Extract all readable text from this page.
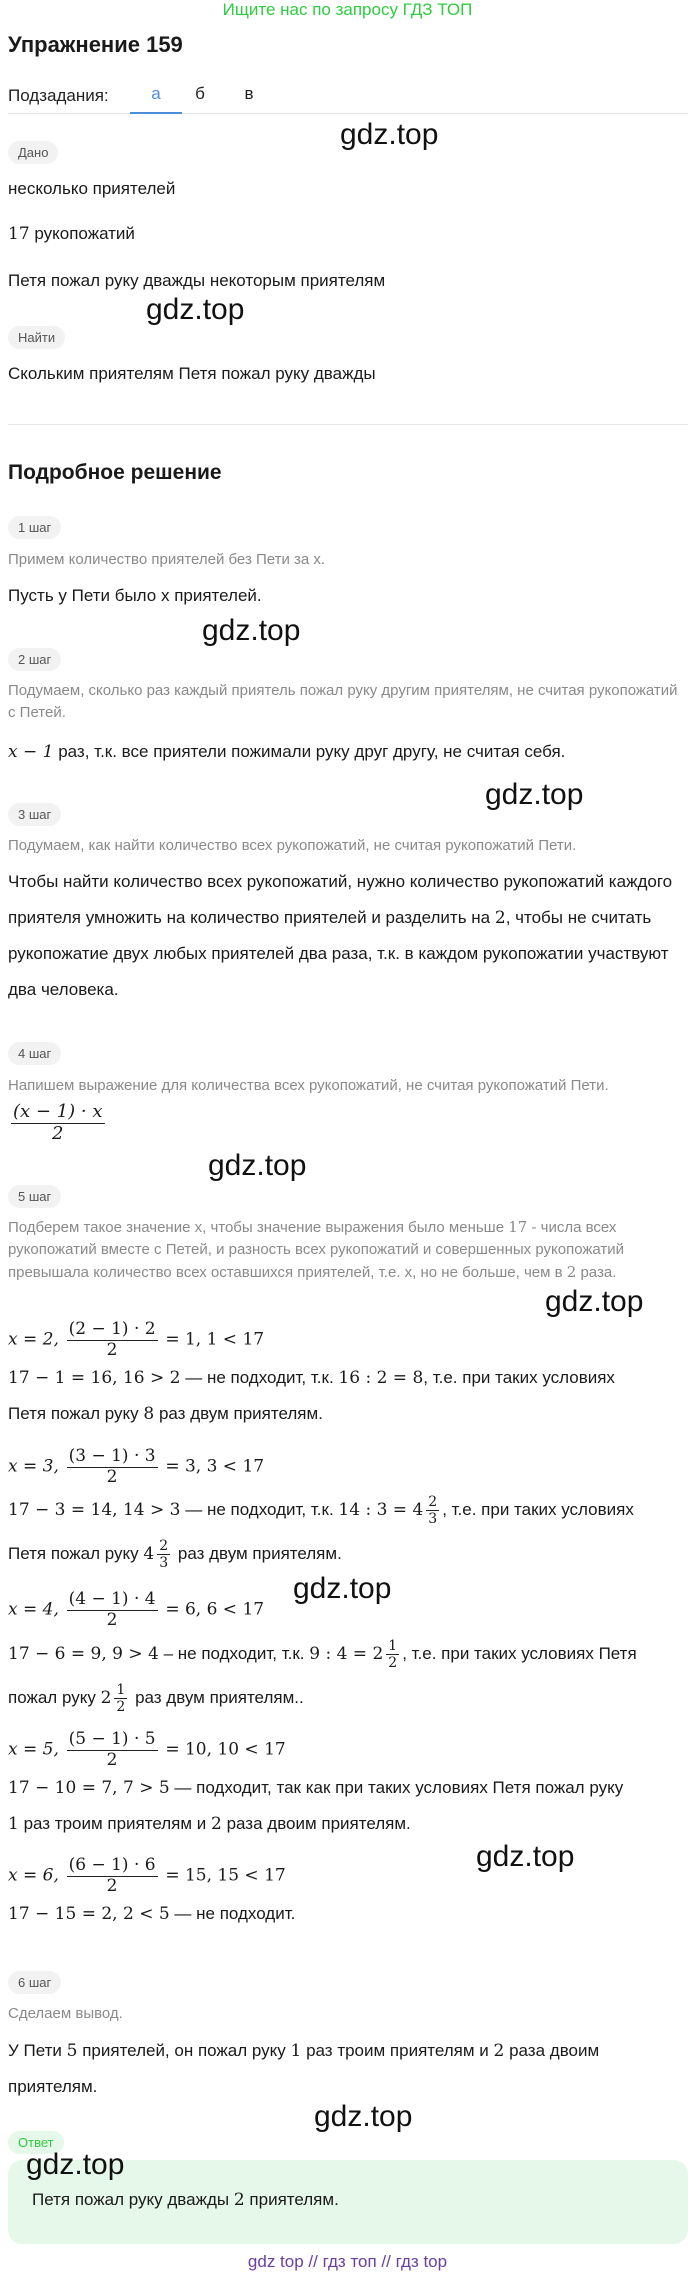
Ищите нас по запросу ГДЗ ТОП
Упражнение 159
Подзадания:	а	б	в
Дано
gdz.top
несколько приятелей
17 рукопожатий
Петя пожал руку дважды некоторым приятелям
gdz.top
Найти
Скольким приятелям Петя пожал руку дважды
Подробное решение
1 шаг
Примем количество приятелей без Пети за x.
Пусть у Пети было x приятелей.
gdz.top
2 шаг
Подумаем, сколько раз каждый приятель пожал руку другим приятелям, не считая рукопожатий с Петей.
x − 1 раз, т.к. все приятели пожимали руку друг другу, не считая себя.
gdz.top
3 шаг
Подумаем, как найти количество всех рукопожатий, не считая рукопожатий Пети.
Чтобы найти количество всех рукопожатий, нужно количество рукопожатий каждого приятеля умножить на количество приятелей и разделить на 2, чтобы не считать рукопожатие двух любых приятелей два раза, т.к. в каждом рукопожатии участвуют два человека.
4 шаг
Напишем выражение для количества всех рукопожатий, не считая рукопожатий Пети.
$\frac{(x - 1) \cdot x}{2}$
gdz.top
5 шаг
Подберем такое значение x, чтобы значение выражения было меньше 17 - числа всех рукопожатий вместе с Петей, и разность всех рукопожатий и совершенных рукопожатий превышала количество всех оставшихся приятелей, т.е. x, но не больше, чем в 2 раза.
gdz.top
x = 2, $\frac{(2 - 1) \cdot 2}{2} = 1$, 1 < 17
17 − 1 = 16, 16 > 2 — не подходит, т.к. 16 : 2 = 8, т.е. при таких условиях
Петя пожал руку 8 раз двум приятелям.
x = 3, $\frac{(3 - 1) \cdot 3}{2} = 3$, 3 < 17
17 − 3 = 14, 14 > 3 — не подходит, т.к. 14 : $3 = 4 \frac{2}{3}$ , т.е. при таких условиях
Петя пожал руку $4 \frac{2}{3}$ раз двум приятелям.
gdz.top
x = 4, $\frac{(4 - 1) \cdot 4}{2} = 6$, 6 < 17
17 − 6 = 9, 9 > 4 – не подходит, т.к. 9 : $4 = 2 \frac{1}{2}$ , т.е. при таких условиях Петя
пожал руку $2 \frac{1}{2}$ раз двум приятелям..
x = 5, $\frac{(5 - 1) \cdot 5}{2} = 10$, 10 < 17
17 − 10 = 7, 7 > 5 — подходит, так как при таких условиях Петя пожал руку
1 раз троим приятелям и 2 раза двоим приятелям.
gdz.top
x = 6, $\frac{(6 - 1) \cdot 6}{2} = 15$, 15 < 17
17 − 15 = 2, 2 < 5 — не подходит.
6 шаг
Сделаем вывод.
У Пети 5 приятелей, он пожал руку 1 раз троим приятелям и 2 раза двоим приятелям.
gdz.top
Ответ
gdz.top
Петя пожал руку дважды 2 приятелям.
gdz top // гдз топ // гдз top
